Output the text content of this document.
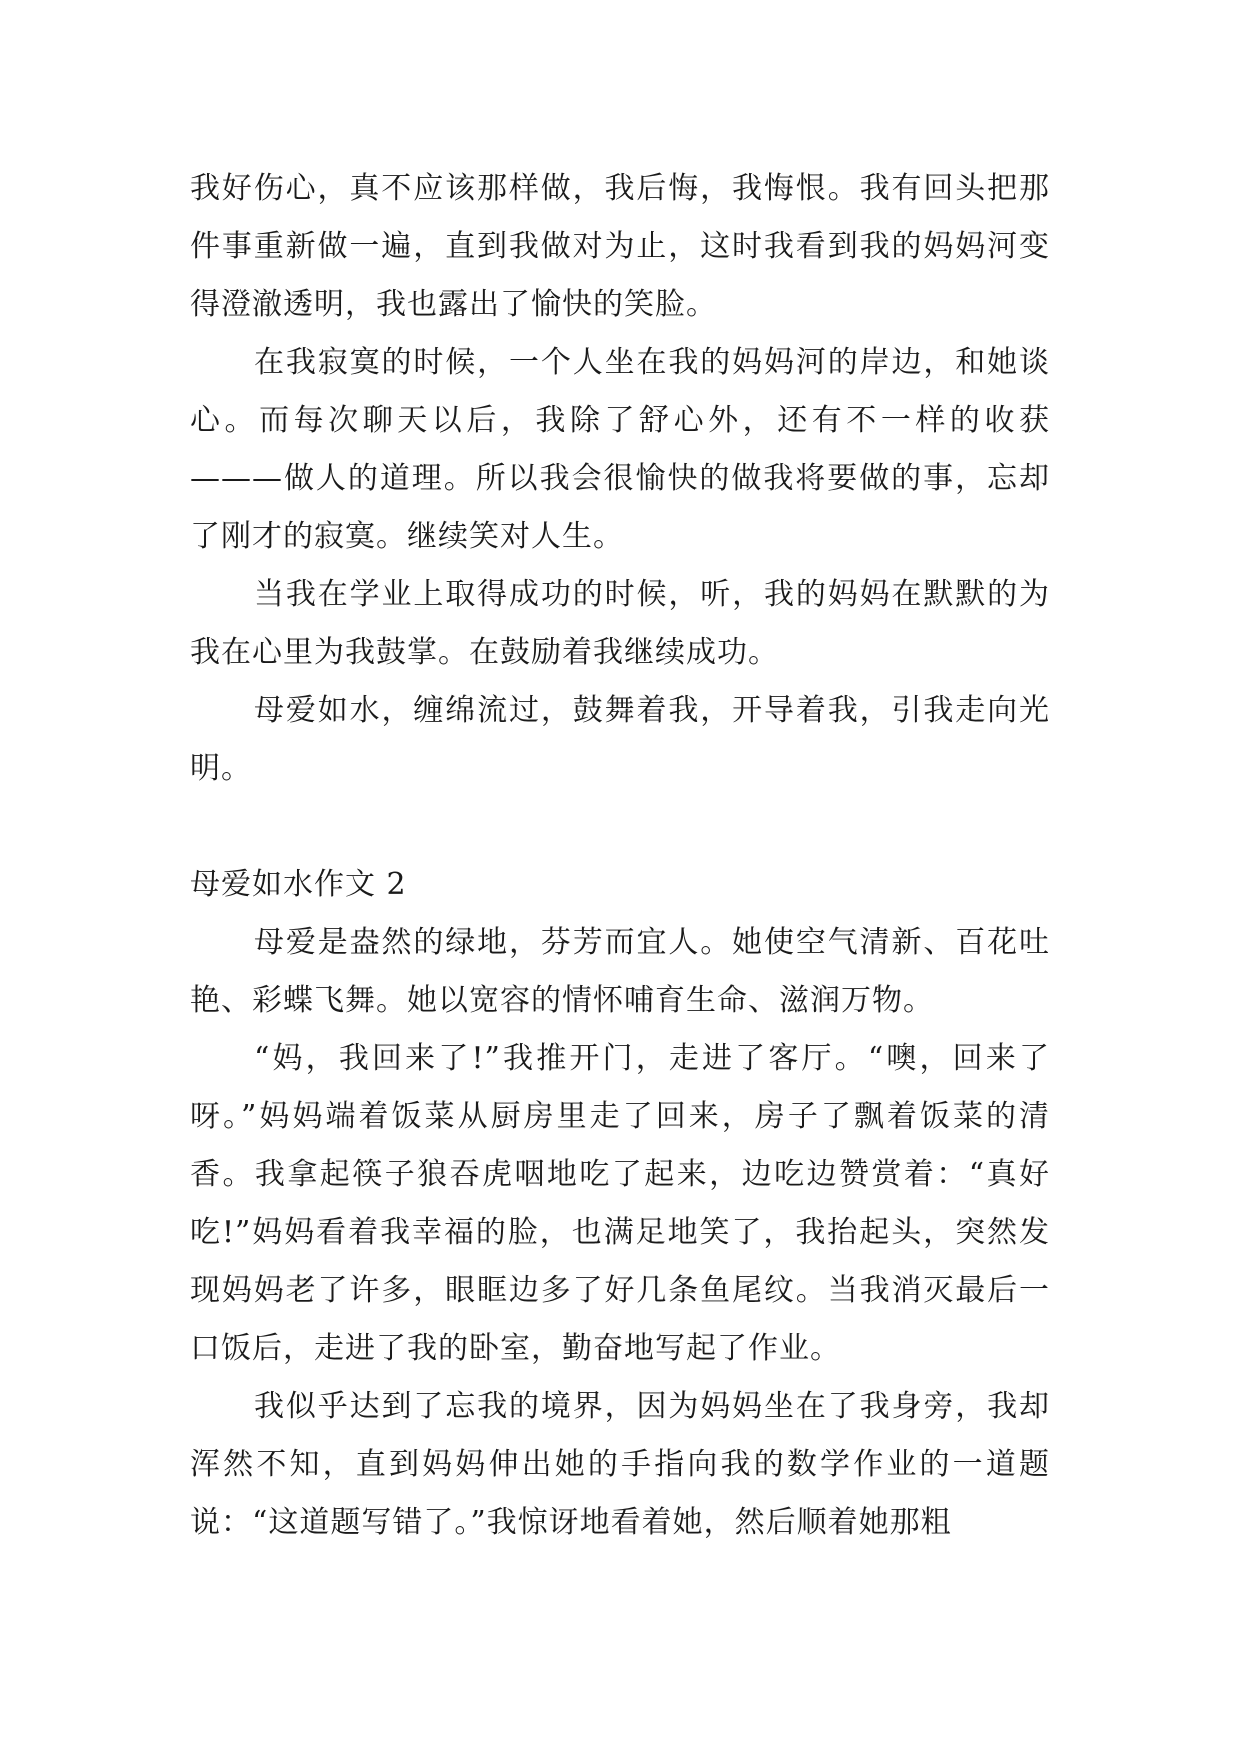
我好伤心，真不应该那样做，我后悔，我悔恨。我有回头把那件事重新做一遍，直到我做对为止，这时我看到我的妈妈河变得澄澈透明，我也露出了愉快的笑脸。

在我寂寞的时候，一个人坐在我的妈妈河的岸边，和她谈心。而每次聊天以后，我除了舒心外，还有不一样的收获———做人的道理。所以我会很愉快的做我将要做的事，忘却了刚才的寂寞。继续笑对人生。

当我在学业上取得成功的时候，听，我的妈妈在默默的为我在心里为我鼓掌。在鼓励着我继续成功。

母爱如水，缠绵流过，鼓舞着我，开导着我，引我走向光明。

母爱如水作文 2

母爱是盎然的绿地，芬芳而宜人。她使空气清新、百花吐艳、彩蝶飞舞。她以宽容的情怀哺育生命、滋润万物。

“妈，我回来了!”我推开门，走进了客厅。“噢，回来了呀。”妈妈端着饭菜从厨房里走了回来，房子了飘着饭菜的清香。我拿起筷子狼吞虎咽地吃了起来，边吃边赞赏着：“真好吃!”妈妈看着我幸福的脸，也满足地笑了，我抬起头，突然发现妈妈老了许多，眼眶边多了好几条鱼尾纹。当我消灭最后一口饭后，走进了我的卧室，勤奋地写起了作业。

我似乎达到了忘我的境界，因为妈妈坐在了我身旁，我却浑然不知，直到妈妈伸出她的手指向我的数学作业的一道题说：“这道题写错了。”我惊讶地看着她，然后顺着她那粗
